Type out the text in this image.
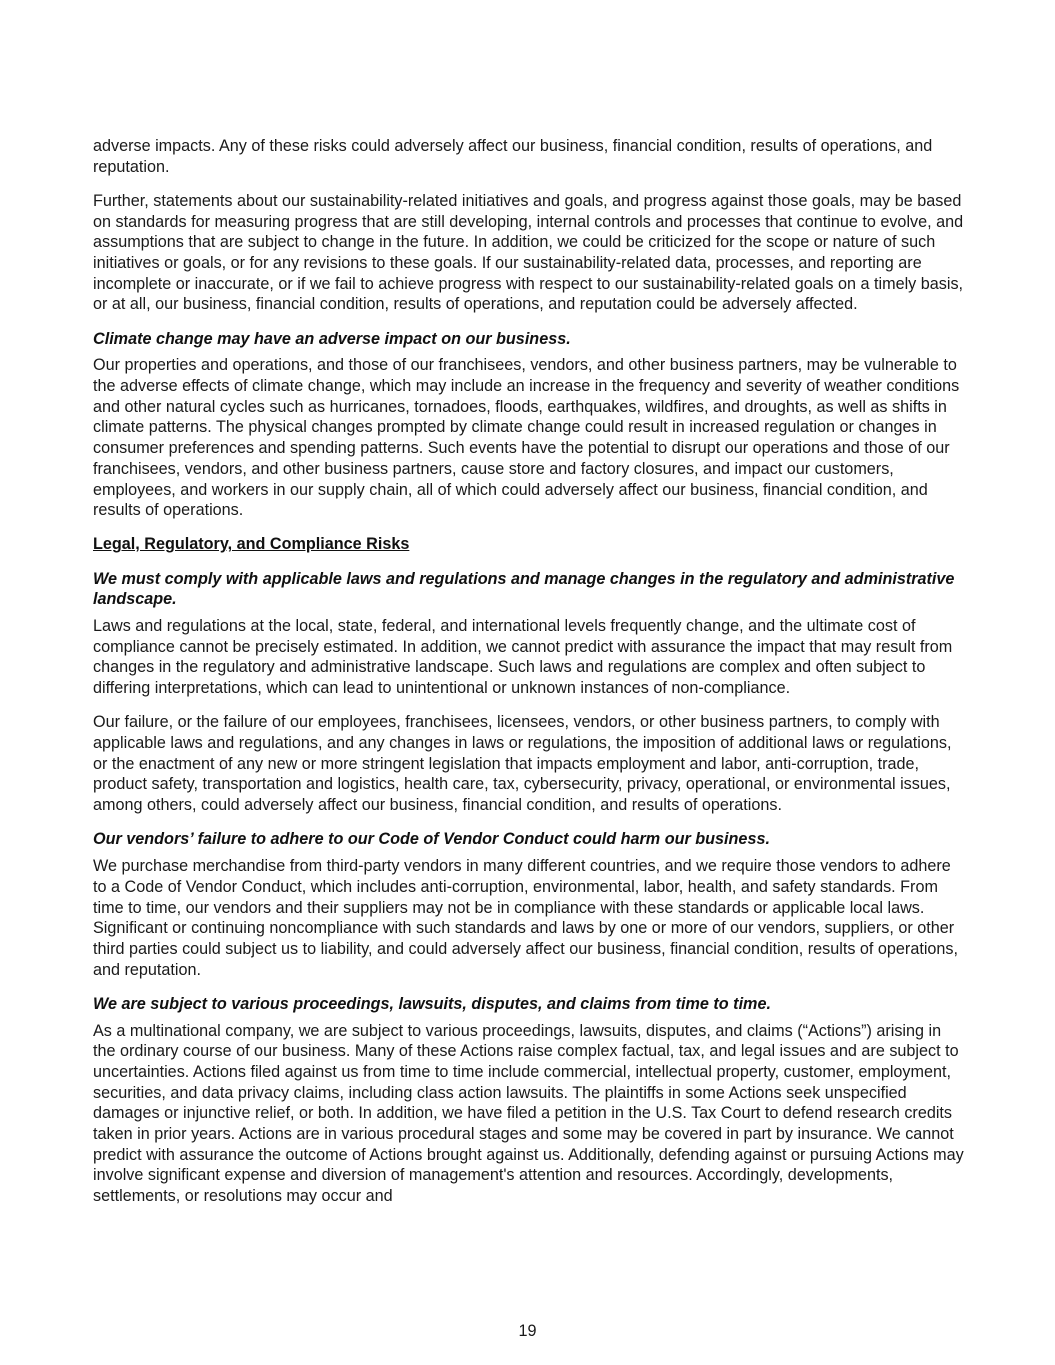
adverse impacts. Any of these risks could adversely affect our business, financial condition, results of operations, and reputation.

Further, statements about our sustainability-related initiatives and goals, and progress against those goals, may be based on standards for measuring progress that are still developing, internal controls and processes that continue to evolve, and assumptions that are subject to change in the future. In addition, we could be criticized for the scope or nature of such initiatives or goals, or for any revisions to these goals. If our sustainability-related data, processes, and reporting are incomplete or inaccurate, or if we fail to achieve progress with respect to our sustainability-related goals on a timely basis, or at all, our business, financial condition, results of operations, and reputation could be adversely affected.

Climate change may have an adverse impact on our business.

Our properties and operations, and those of our franchisees, vendors, and other business partners, may be vulnerable to the adverse effects of climate change, which may include an increase in the frequency and severity of weather conditions and other natural cycles such as hurricanes, tornadoes, floods, earthquakes, wildfires, and droughts, as well as shifts in climate patterns. The physical changes prompted by climate change could result in increased regulation or changes in consumer preferences and spending patterns. Such events have the potential to disrupt our operations and those of our franchisees, vendors, and other business partners, cause store and factory closures, and impact our customers, employees, and workers in our supply chain, all of which could adversely affect our business, financial condition, and results of operations.

Legal, Regulatory, and Compliance Risks

We must comply with applicable laws and regulations and manage changes in the regulatory and administrative landscape.

Laws and regulations at the local, state, federal, and international levels frequently change, and the ultimate cost of compliance cannot be precisely estimated. In addition, we cannot predict with assurance the impact that may result from changes in the regulatory and administrative landscape. Such laws and regulations are complex and often subject to differing interpretations, which can lead to unintentional or unknown instances of non-compliance.

Our failure, or the failure of our employees, franchisees, licensees, vendors, or other business partners, to comply with applicable laws and regulations, and any changes in laws or regulations, the imposition of additional laws or regulations, or the enactment of any new or more stringent legislation that impacts employment and labor, anti-corruption, trade, product safety, transportation and logistics, health care, tax, cybersecurity, privacy, operational, or environmental issues, among others, could adversely affect our business, financial condition, and results of operations.

Our vendors’ failure to adhere to our Code of Vendor Conduct could harm our business.

We purchase merchandise from third-party vendors in many different countries, and we require those vendors to adhere to a Code of Vendor Conduct, which includes anti-corruption, environmental, labor, health, and safety standards. From time to time, our vendors and their suppliers may not be in compliance with these standards or applicable local laws. Significant or continuing noncompliance with such standards and laws by one or more of our vendors, suppliers, or other third parties could subject us to liability, and could adversely affect our business, financial condition, results of operations, and reputation.

We are subject to various proceedings, lawsuits, disputes, and claims from time to time.

As a multinational company, we are subject to various proceedings, lawsuits, disputes, and claims (“Actions”) arising in the ordinary course of our business. Many of these Actions raise complex factual, tax, and legal issues and are subject to uncertainties. Actions filed against us from time to time include commercial, intellectual property, customer, employment, securities, and data privacy claims, including class action lawsuits. The plaintiffs in some Actions seek unspecified damages or injunctive relief, or both. In addition, we have filed a petition in the U.S. Tax Court to defend research credits taken in prior years. Actions are in various procedural stages and some may be covered in part by insurance. We cannot predict with assurance the outcome of Actions brought against us. Additionally, defending against or pursuing Actions may involve significant expense and diversion of management's attention and resources. Accordingly, developments, settlements, or resolutions may occur and

19
